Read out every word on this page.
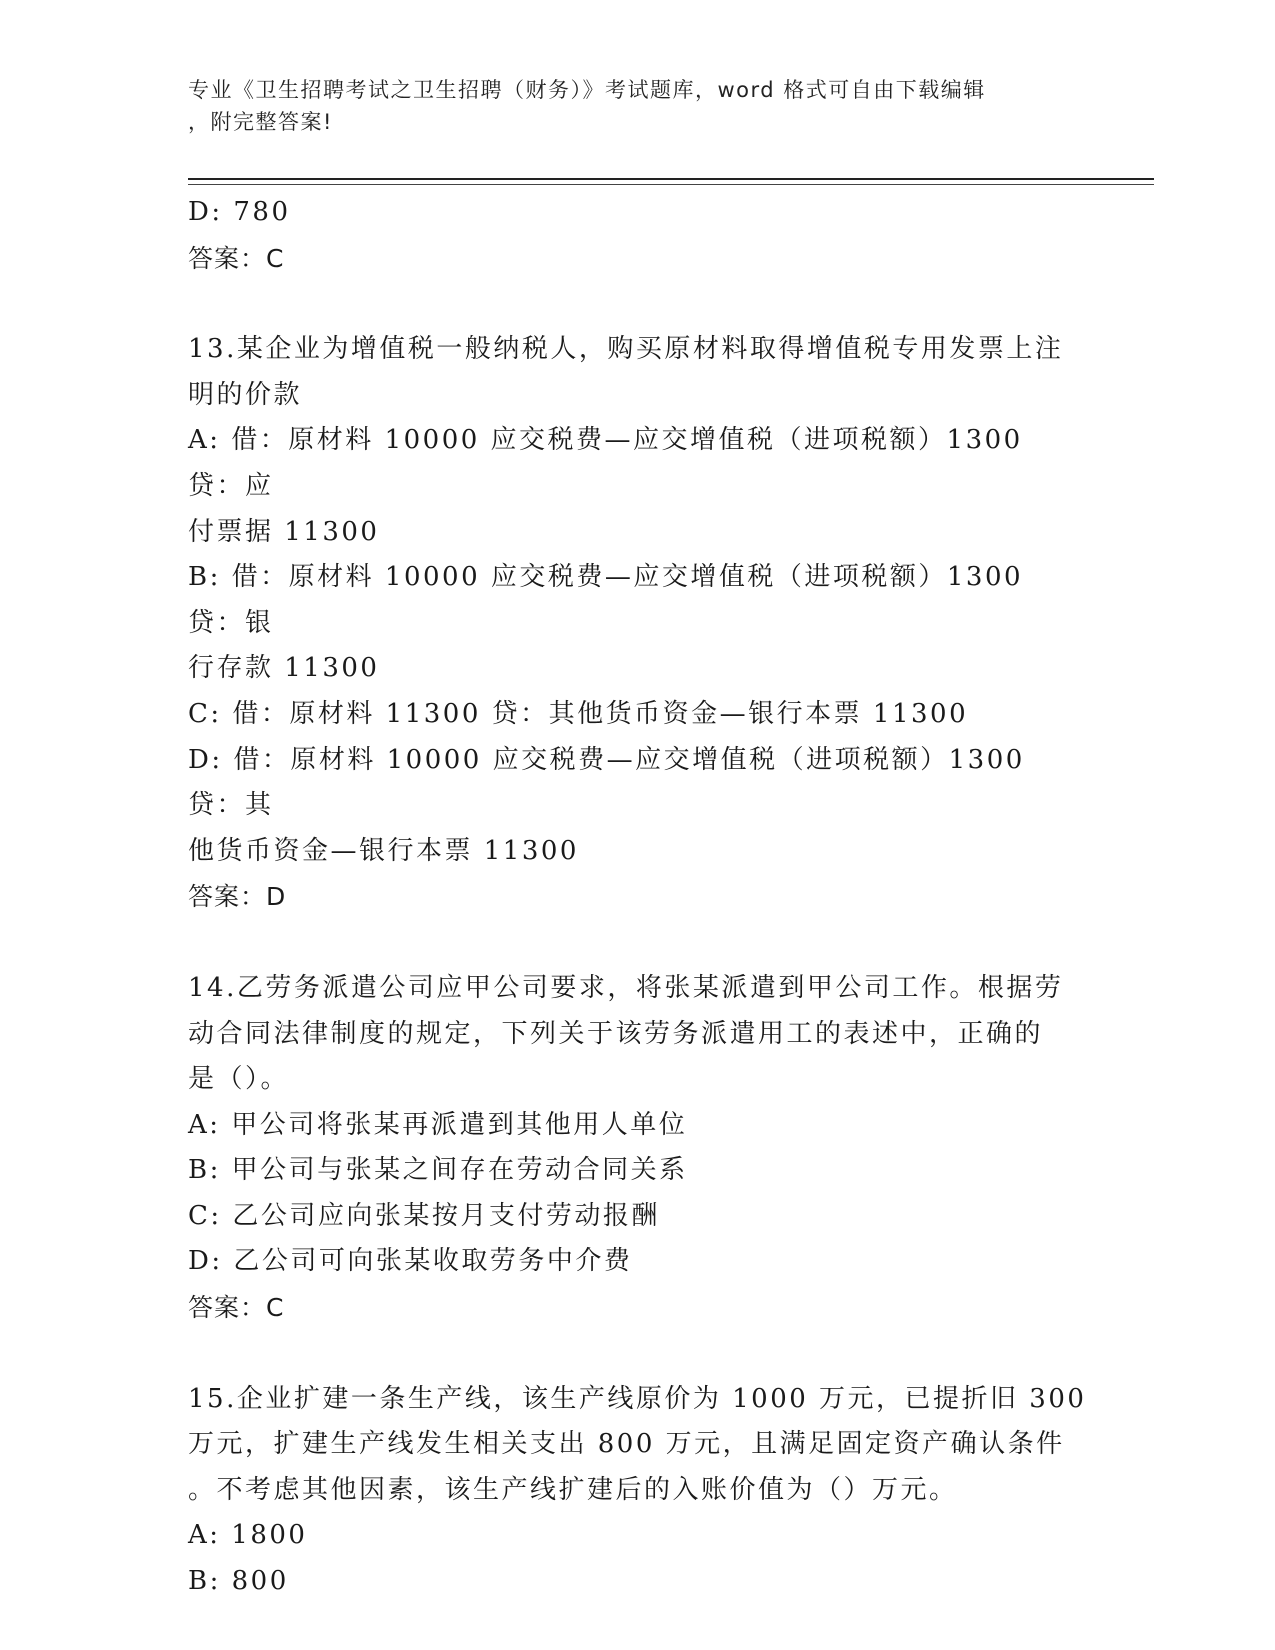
专业《卫生招聘考试之卫生招聘（财务）》考试题库，word 格式可自由下载编辑
，附完整答案!

D: 780

答案：C

13.某企业为增值税一般纳税人，购买原材料取得增值税专用发票上注

明的价款

A: 借：原材料 10000 应交税费—应交增值税（进项税额）1300 贷：应

付票据 11300

B: 借：原材料 10000 应交税费—应交增值税（进项税额）1300 贷：银

行存款 11300

C: 借：原材料 11300 贷：其他货币资金—银行本票 11300

D: 借：原材料 10000 应交税费—应交增值税（进项税额）1300 贷：其

他货币资金—银行本票 11300

答案：D

14.乙劳务派遣公司应甲公司要求，将张某派遣到甲公司工作。根据劳

动合同法律制度的规定，下列关于该劳务派遣用工的表述中，正确的

是（）。

A: 甲公司将张某再派遣到其他用人单位

B: 甲公司与张某之间存在劳动合同关系

C: 乙公司应向张某按月支付劳动报酬

D: 乙公司可向张某收取劳务中介费

答案：C

15.企业扩建一条生产线，该生产线原价为 1000 万元，已提折旧 300

万元，扩建生产线发生相关支出 800 万元，且满足固定资产确认条件

。不考虑其他因素，该生产线扩建后的入账价值为（）万元。

A: 1800

B: 800
